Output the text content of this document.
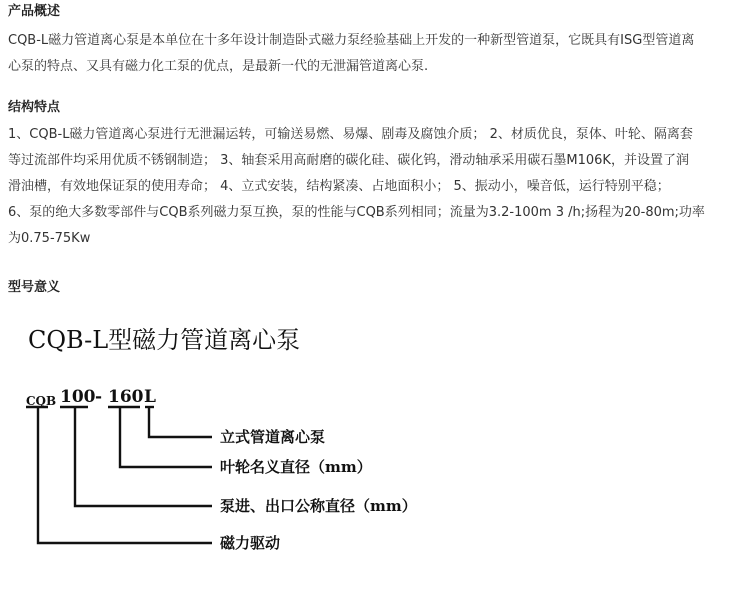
产品概述
CQB-L磁力管道离心泵是本单位在十多年设计制造卧式磁力泵经验基础上开发的一种新型管道泵，它既具有ISG型管道离
心泵的特点、又具有磁力化工泵的优点，是最新一代的无泄漏管道离心泵.
结构特点
1、CQB-L磁力管道离心泵进行无泄漏运转，可输送易燃、易爆、剧毒及腐蚀介质； 2、材质优良，泵体、叶轮、隔离套
等过流部件均采用优质不锈钢制造； 3、轴套采用高耐磨的碳化硅、碳化钨，滑动轴承采用碳石墨M106K，并设置了润
滑油槽，有效地保证泵的使用寿命； 4、立式安装，结构紧凑、占地面积小； 5、振动小，噪音低，运行特别平稳；
6、泵的绝大多数零部件与CQB系列磁力泵互换，泵的性能与CQB系列相同；流量为3.2-100m 3 /h;扬程为20-80m;功率
为0.75-75Kw
型号意义
CQB-L型磁力管道离心泵
CQB 100 - 160 L
立式管道离心泵
叶轮名义直径（mm）
泵进、出口公称直径（mm）
磁力驱动
